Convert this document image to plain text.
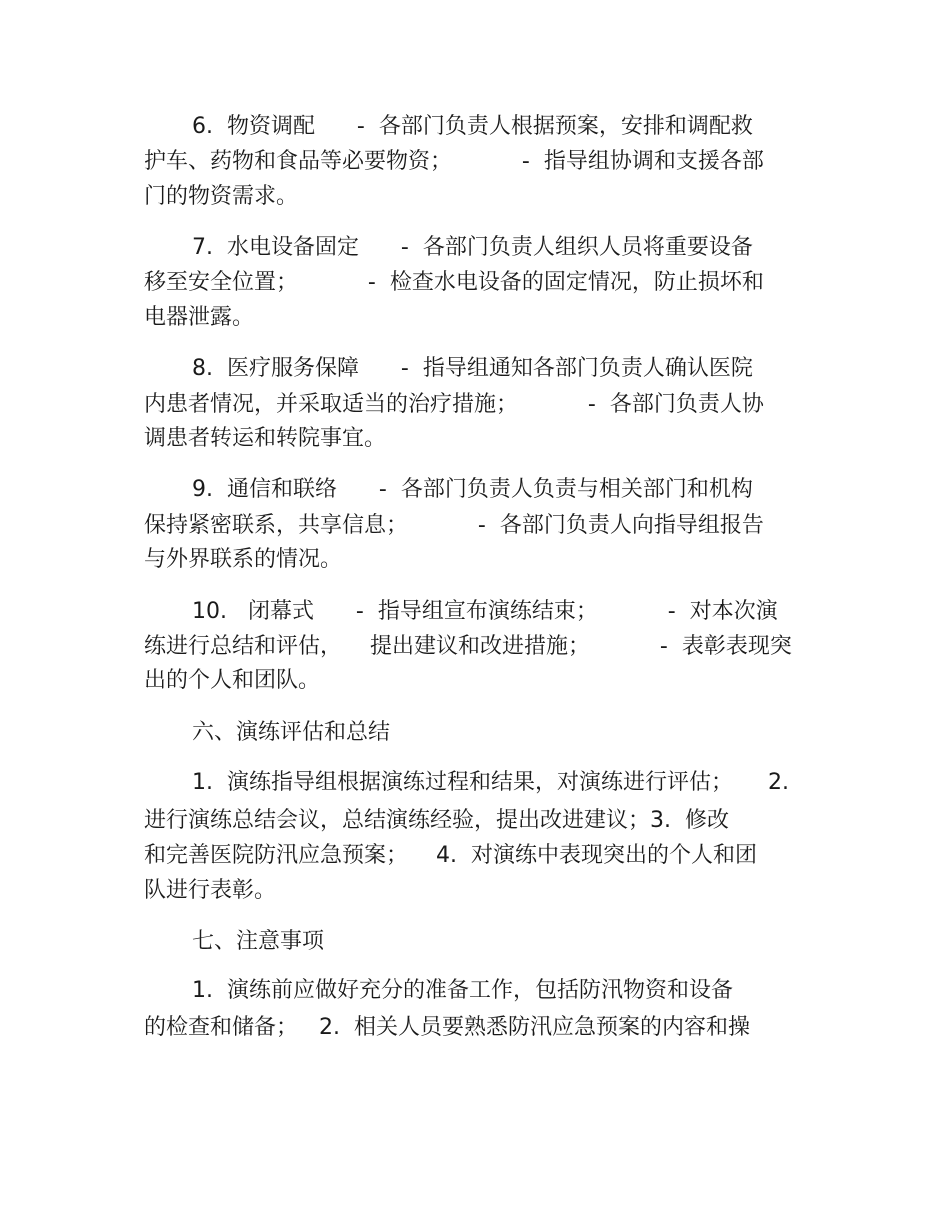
6.  物资调配      -  各部门负责人根据预案，安排和调配救
护车、药物和食品等必要物资；          -  指导组协调和支援各部
门的物资需求。
7.  水电设备固定      -  各部门负责人组织人员将重要设备
移至安全位置；          -  检查水电设备的固定情况，防止损坏和
电器泄露。
8.  医疗服务保障      -  指导组通知各部门负责人确认医院
内患者情况，并采取适当的治疗措施；          -  各部门负责人协
调患者转运和转院事宜。
9.  通信和联络      -  各部门负责人负责与相关部门和机构
保持紧密联系，共享信息；          -  各部门负责人向指导组报告
与外界联系的情况。
10.   闭幕式      -  指导组宣布演练结束；          -  对本次演
练进行总结和评估，    提出建议和改进措施；          -  表彰表现突
出的个人和团队。
六、演练评估和总结
1.  演练指导组根据演练过程和结果，对演练进行评估；     2.
进行演练总结会议，总结演练经验，提出改进建议；3.  修改
和完善医院防汛应急预案；    4.  对演练中表现突出的个人和团
队进行表彰。
七、注意事项
1.  演练前应做好充分的准备工作，包括防汛物资和设备
的检查和储备；   2.  相关人员要熟悉防汛应急预案的内容和操
